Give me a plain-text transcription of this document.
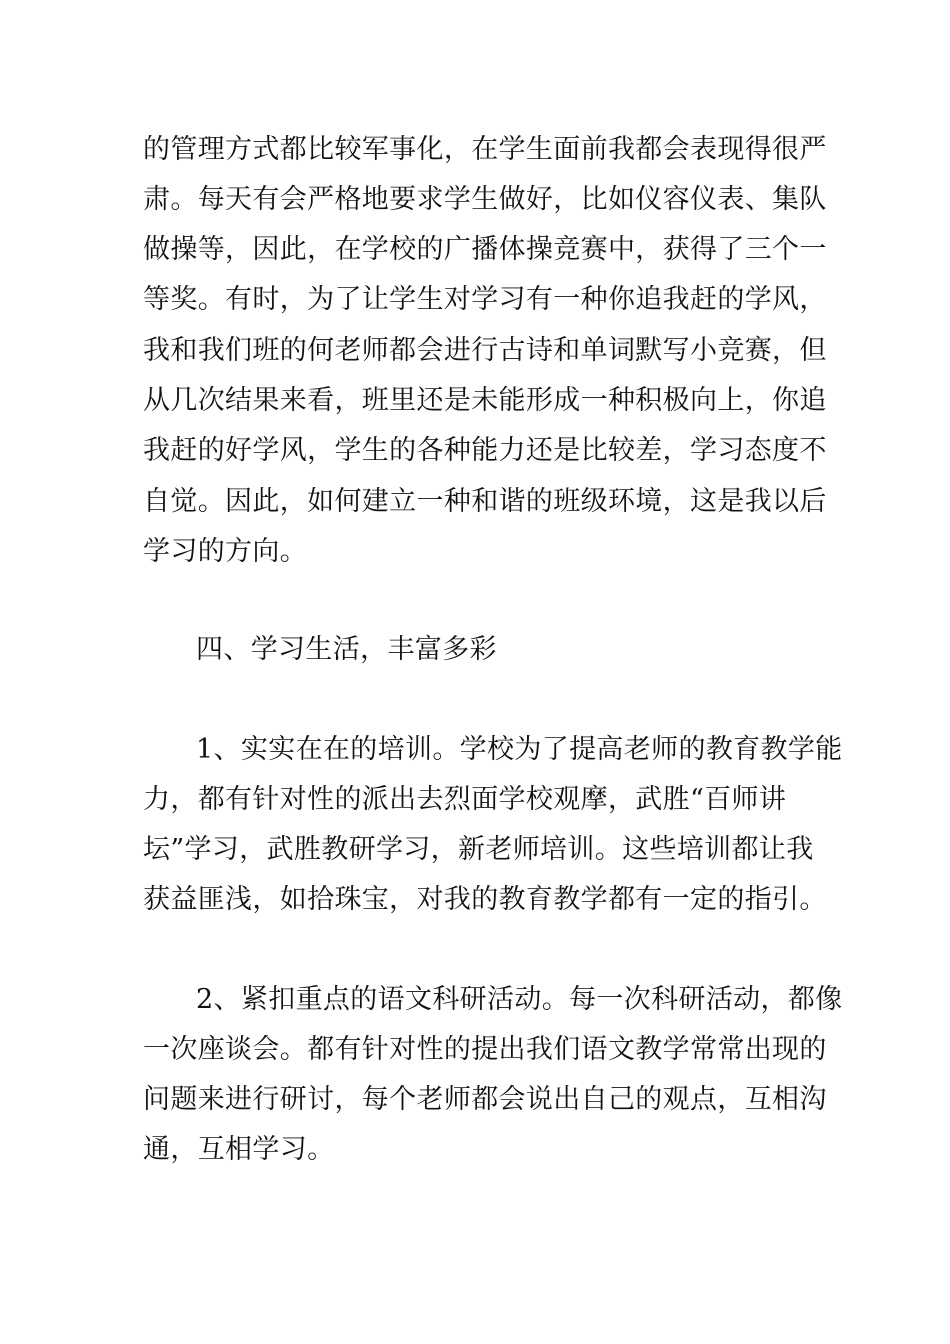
的管理方式都比较军事化，在学生面前我都会表现得很严
肃。每天有会严格地要求学生做好，比如仪容仪表、集队
做操等，因此，在学校的广播体操竞赛中，获得了三个一
等奖。有时，为了让学生对学习有一种你追我赶的学风，
我和我们班的何老师都会进行古诗和单词默写小竞赛，但
从几次结果来看，班里还是未能形成一种积极向上，你追
我赶的好学风，学生的各种能力还是比较差，学习态度不
自觉。因此，如何建立一种和谐的班级环境，这是我以后
学习的方向。
四、学习生活，丰富多彩
1、实实在在的培训。学校为了提高老师的教育教学能
力，都有针对性的派出去烈面学校观摩，武胜“百师讲
坛”学习，武胜教研学习，新老师培训。这些培训都让我
获益匪浅，如拾珠宝，对我的教育教学都有一定的指引。
2、紧扣重点的语文科研活动。每一次科研活动，都像
一次座谈会。都有针对性的提出我们语文教学常常出现的
问题来进行研讨，每个老师都会说出自己的观点，互相沟
通，互相学习。
